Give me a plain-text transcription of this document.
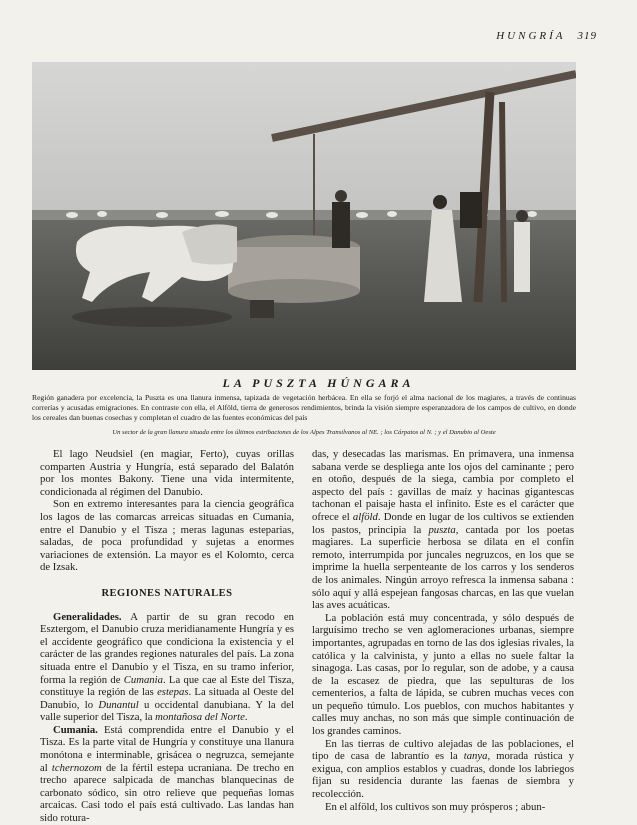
HUNGRÍA 319
LA PUSZTA HÚNGARA
Región ganadera por excelencia, la Puszta es una llanura inmensa, tapizada de vegetación herbácea. En ella se forjó el alma nacional de los magiares, a través de continuas correrías y acusadas emigraciones. En contraste con ella, el Alföld, tierra de generosos rendimientos, brinda la visión siempre esperanzadora de los campos de cultivo, en donde los cereales dan buenas cosechas y completan el cuadro de las fuentes económicas del país
Un sector de la gran llanura situada entre los últimos estribaciones de los Alpes Transilvanos al NE. ; los Cárpatos al N. ; y el Danubio al Oeste

El lago Neudsiel (en magiar, Ferto), cuyas orillas comparten Austria y Hungría, está separado del Balatón por los montes Bakony. Tiene una vida intermitente, condicionada al régimen del Danubio.

Son en extremo interesantes para la ciencia geográfica los lagos de las comarcas arreicas situadas en Cumania, entre el Danubio y el Tisza ; meras lagunas esteparias, saladas, de poca profundidad y sujetas a enormes variaciones de extensión. La mayor es el Kolomto, cerca de Izsak.

REGIONES NATURALES

Generalidades. A partir de su gran recodo en Esztergom, el Danubio cruza meridianamente Hungría y es el accidente geográfico que condiciona la existencia y el carácter de las grandes regiones naturales del país. La zona situada entre el Danubio y el Tisza, en su tramo inferior, forma la región de Cumania. La que cae al Este del Tisza, constituye la región de las estepas. La situada al Oeste del Danubio, lo Dunantul u occidental danubiana. Y la del valle superior del Tisza, la montañosa del Norte.

Cumania. Está comprendida entre el Danubio y el Tisza. Es la parte vital de Hungría y constituye una llanura monótona e interminable, grisácea o negruzca, semejante al tchernozom de la fértil estepa ucraniana. De trecho en trecho aparece salpicada de manchas blanquecinas de carbonato sódico, sin otro relieve que pequeñas lomas arcaicas. Casi todo el país está cultivado. Las landas han sido rotura-

das, y desecadas las marismas. En primavera, una inmensa sabana verde se despliega ante los ojos del caminante ; pero en otoño, después de la siega, cambia por completo el aspecto del país : gavillas de maíz y hacinas gigantescas tachonan el paisaje hasta el infinito. Este es el carácter que ofrece el alföld. Donde en lugar de los cultivos se extienden los pastos, principia la puszta, cantada por los poetas magiares. La superficie herbosa se dilata en el confín remoto, interrumpida por juncales negruzcos, en los que se imprime la huella serpenteante de los carros y los senderos de los animales. Ningún arroyo refresca la inmensa sabana : sólo aquí y allá espejean fangosas charcas, en las que vuelan las aves acuáticas.

La población está muy concentrada, y sólo después de larguísimo trecho se ven aglomeraciones urbanas, siempre importantes, agrupadas en torno de las dos iglesias rivales, la católica y la calvinista, y junto a ellas no suele faltar la sinagoga. Las casas, por lo regular, son de adobe, y a causa de la escasez de piedra, que las sepulturas de los cementerios, a falta de lápida, se cubren muchas veces con un pequeño túmulo. Los pueblos, con muchos habitantes y calles muy anchas, no son más que simple continuación de los grandes caminos.

En las tierras de cultivo alejadas de las poblaciones, el tipo de casa de labrantío es la tanya, morada rústica y exigua, con amplios establos y cuadras, donde los labriegos fijan su residencia durante las faenas de siembra y recolección.

En el alföld, los cultivos son muy prósperos ; abun-
